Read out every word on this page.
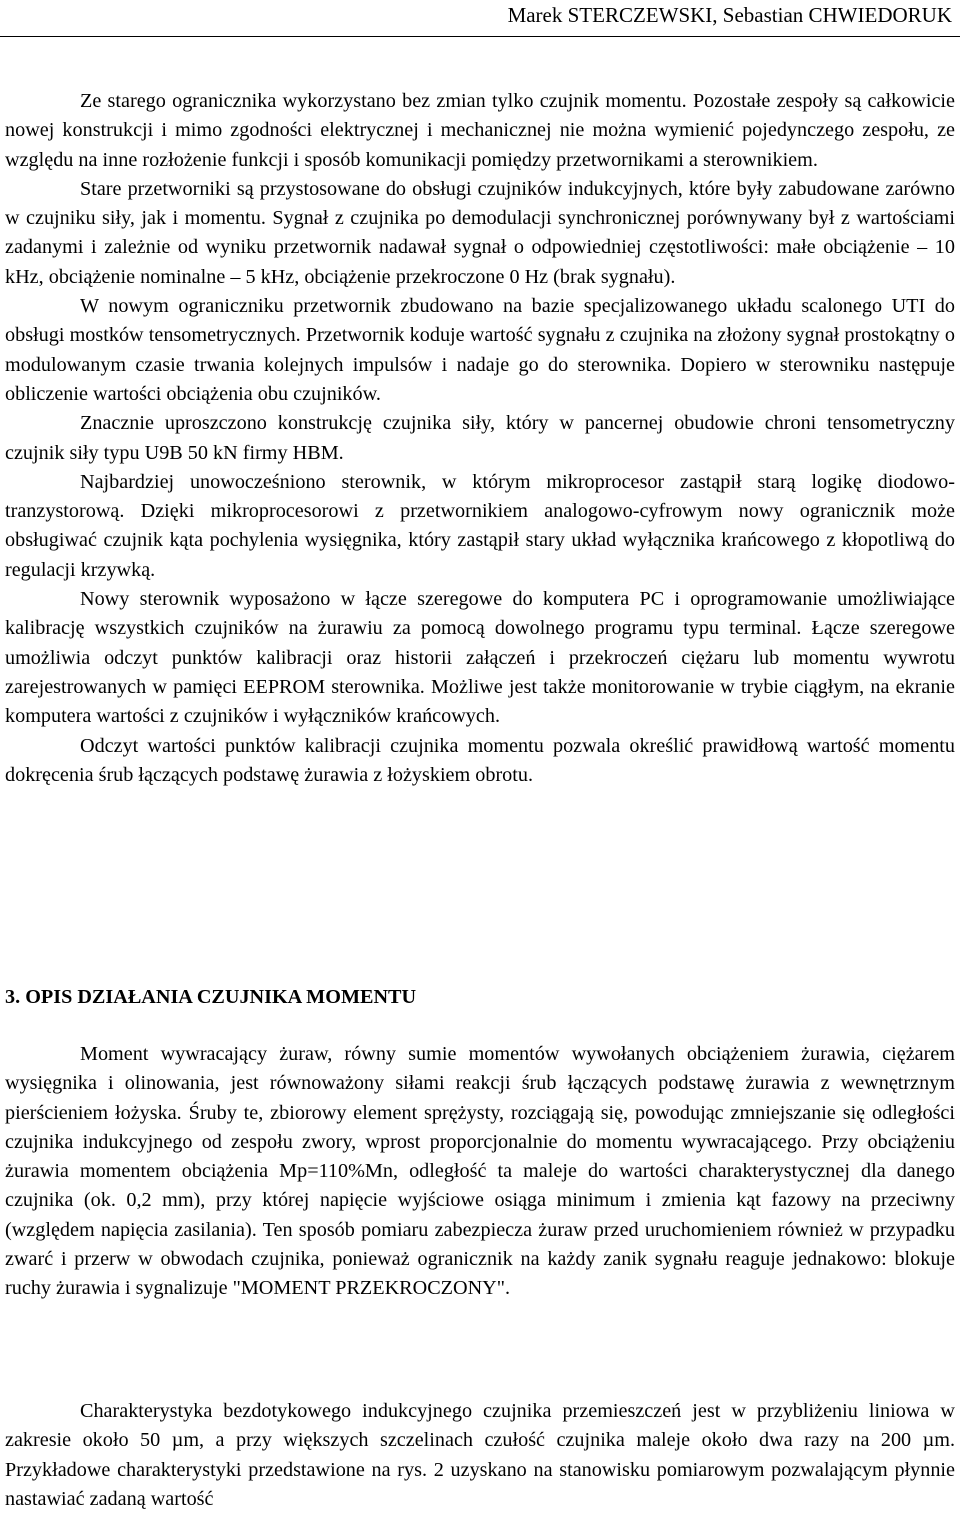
Marek STERCZEWSKI, Sebastian CHWIEDORUK

Ze starego ogranicznika wykorzystano bez zmian tylko czujnik momentu. Pozostałe zespoły są całkowicie nowej konstrukcji i mimo zgodności elektrycznej i mechanicznej nie można wymienić pojedynczego zespołu, ze względu na inne rozłożenie funkcji i sposób komunikacji pomiędzy przetwornikami a sterownikiem.

Stare przetworniki są przystosowane do obsługi czujników indukcyjnych, które były zabudowane zarówno w czujniku siły, jak i momentu. Sygnał z czujnika po demodulacji synchronicznej porównywany był z wartościami zadanymi i zależnie od wyniku przetwornik nadawał sygnał o odpowiedniej częstotliwości: małe obciążenie – 10 kHz, obciążenie nominalne – 5 kHz, obciążenie przekroczone 0 Hz (brak sygnału).

W nowym ograniczniku przetwornik zbudowano na bazie specjalizowanego układu scalonego UTI do obsługi mostków tensometrycznych. Przetwornik koduje wartość sygnału z czujnika na złożony sygnał prostokątny o modulowanym czasie trwania kolejnych impulsów i nadaje go do sterownika. Dopiero w sterowniku następuje obliczenie wartości obciążenia obu czujników.

Znacznie uproszczono konstrukcję czujnika siły, który w pancernej obudowie chroni tensometryczny czujnik siły typu U9B 50 kN firmy HBM.

Najbardziej unowocześniono sterownik, w którym mikroprocesor zastąpił starą logikę diodowo-tranzystorową. Dzięki mikroprocesorowi z przetwornikiem analogowo-cyfrowym nowy ogranicznik może obsługiwać czujnik kąta pochylenia wysięgnika, który zastąpił stary układ wyłącznika krańcowego z kłopotliwą do regulacji krzywką.

Nowy sterownik wyposażono w łącze szeregowe do komputera PC i oprogramowanie umożliwiające kalibrację wszystkich czujników na żurawiu za pomocą dowolnego programu typu terminal. Łącze szeregowe umożliwia odczyt punktów kalibracji oraz historii załączeń i przekroczeń ciężaru lub momentu wywrotu zarejestrowanych w pamięci EEPROM sterownika. Możliwe jest także monitorowanie w trybie ciągłym, na ekranie komputera wartości z czujników i wyłączników krańcowych.

Odczyt wartości punktów kalibracji czujnika momentu pozwala określić prawidłową wartość momentu dokręcenia śrub łączących podstawę żurawia z łożyskiem obrotu.

3. OPIS DZIAŁANIA CZUJNIKA MOMENTU

Moment wywracający żuraw, równy sumie momentów wywołanych obciążeniem żurawia, ciężarem wysięgnika i olinowania, jest równoważony siłami reakcji śrub łączących podstawę żurawia z wewnętrznym pierścieniem łożyska. Śruby te, zbiorowy element sprężysty, rozciągają się, powodując zmniejszanie się odległości czujnika indukcyjnego od zespołu zwory, wprost proporcjonalnie do momentu wywracającego. Przy obciążeniu żurawia momentem obciążenia Mp=110%Mn, odległość ta maleje do wartości charakterystycznej dla danego czujnika (ok. 0,2 mm), przy której napięcie wyjściowe osiąga minimum i zmienia kąt fazowy na przeciwny (względem napięcia zasilania). Ten sposób pomiaru zabezpiecza żuraw przed uruchomieniem również w przypadku zwarć i przerw w obwodach czujnika, ponieważ ogranicznik na każdy zanik sygnału reaguje jednakowo: blokuje ruchy żurawia i sygnalizuje "MOMENT PRZEKROCZONY".

Charakterystyka bezdotykowego indukcyjnego czujnika przemieszczeń jest w przybliżeniu liniowa w zakresie około 50 µm, a przy większych szczelinach czułość czujnika maleje około dwa razy na 200 µm. Przykładowe charakterystyki przedstawione na rys. 2 uzyskano na stanowisku pomiarowym pozwalającym płynnie nastawiać zadaną wartość
